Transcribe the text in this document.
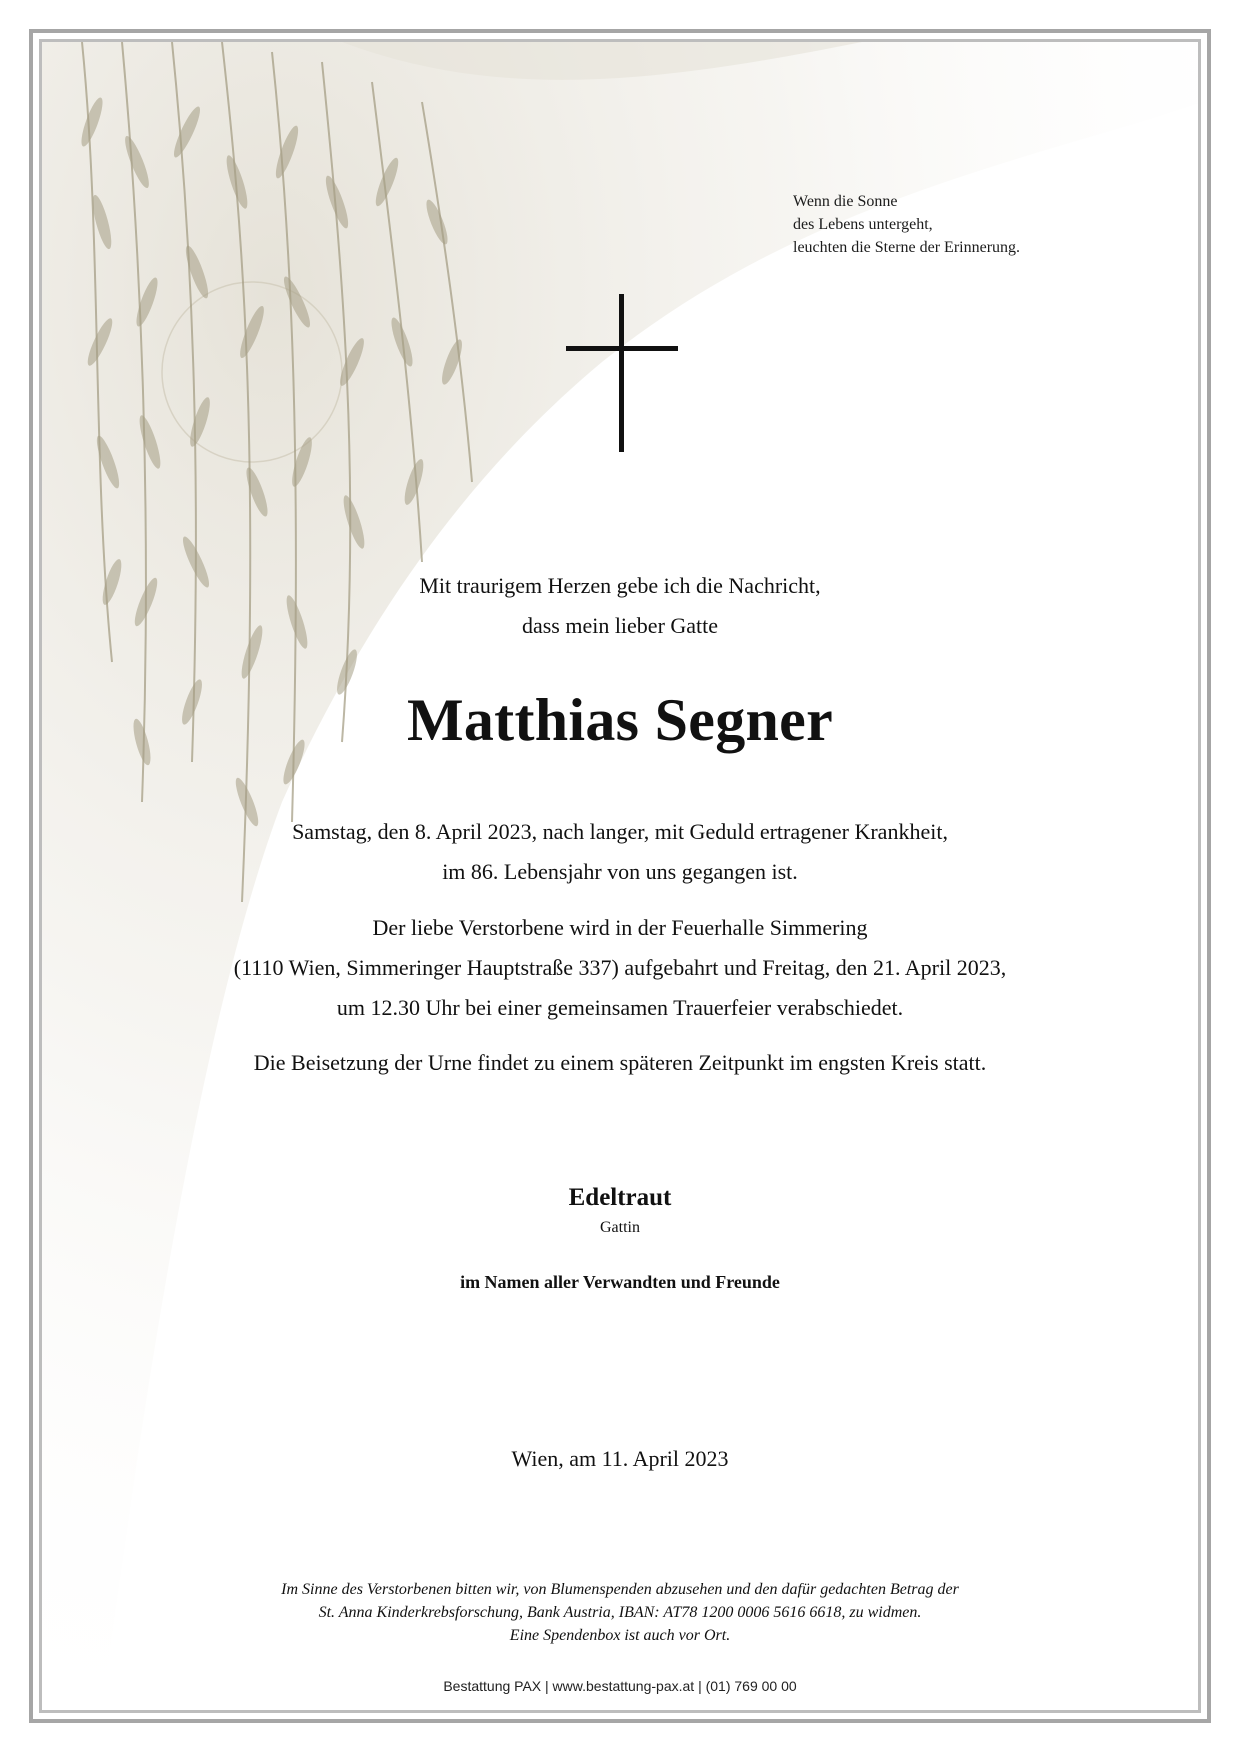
Wenn die Sonne
des Lebens untergeht,
leuchten die Sterne der Erinnerung.
Mit traurigem Herzen gebe ich die Nachricht,
dass mein lieber Gatte
Matthias Segner
Samstag, den 8. April 2023, nach langer, mit Geduld ertragener Krankheit,
im 86. Lebensjahr von uns gegangen ist.
Der liebe Verstorbene wird in der Feuerhalle Simmering
(1110 Wien, Simmeringer Hauptstraße 337) aufgebahrt und Freitag, den 21. April 2023,
um 12.30 Uhr bei einer gemeinsamen Trauerfeier verabschiedet.
Die Beisetzung der Urne findet zu einem späteren Zeitpunkt im engsten Kreis statt.
Edeltraut
Gattin
im Namen aller Verwandten und Freunde
Wien, am 11. April 2023
Im Sinne des Verstorbenen bitten wir, von Blumenspenden abzusehen und den dafür gedachten Betrag der
St. Anna Kinderkrebsforschung, Bank Austria, IBAN: AT78 1200 0006 5616 6618, zu widmen.
Eine Spendenbox ist auch vor Ort.
Bestattung PAX | www.bestattung-pax.at | (01) 769 00 00
